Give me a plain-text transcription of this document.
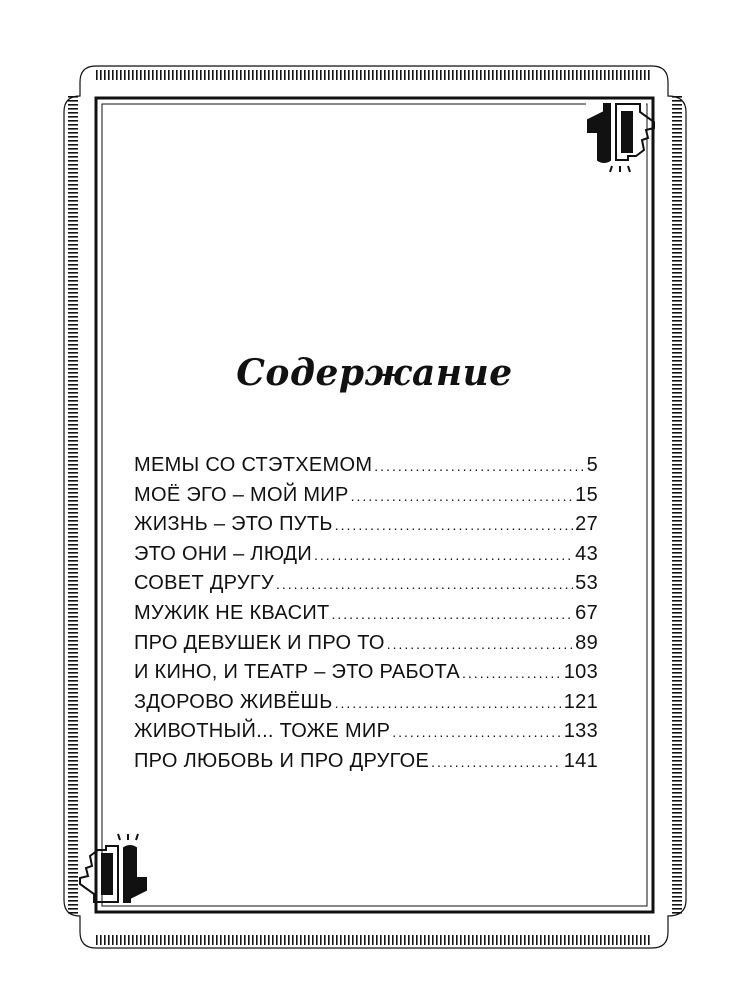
Содержание
МЕМЫ СО СТЭТХЕМОМ .....	5
МОЁ ЭГО – МОЙ МИР .....	15
ЖИЗНЬ – ЭТО ПУТЬ .....	27
ЭТО ОНИ – ЛЮДИ .....	43
СОВЕТ ДРУГУ .....	53
МУЖИК НЕ КВАСИТ .....	67
ПРО ДЕВУШЕК И ПРО ТО .....	89
И КИНО, И ТЕАТР – ЭТО РАБОТА .....	103
ЗДОРОВО ЖИВЁШЬ .....	121
ЖИВОТНЫЙ... ТОЖЕ МИР .....	133
ПРО ЛЮБОВЬ И ПРО ДРУГОЕ .....	141
